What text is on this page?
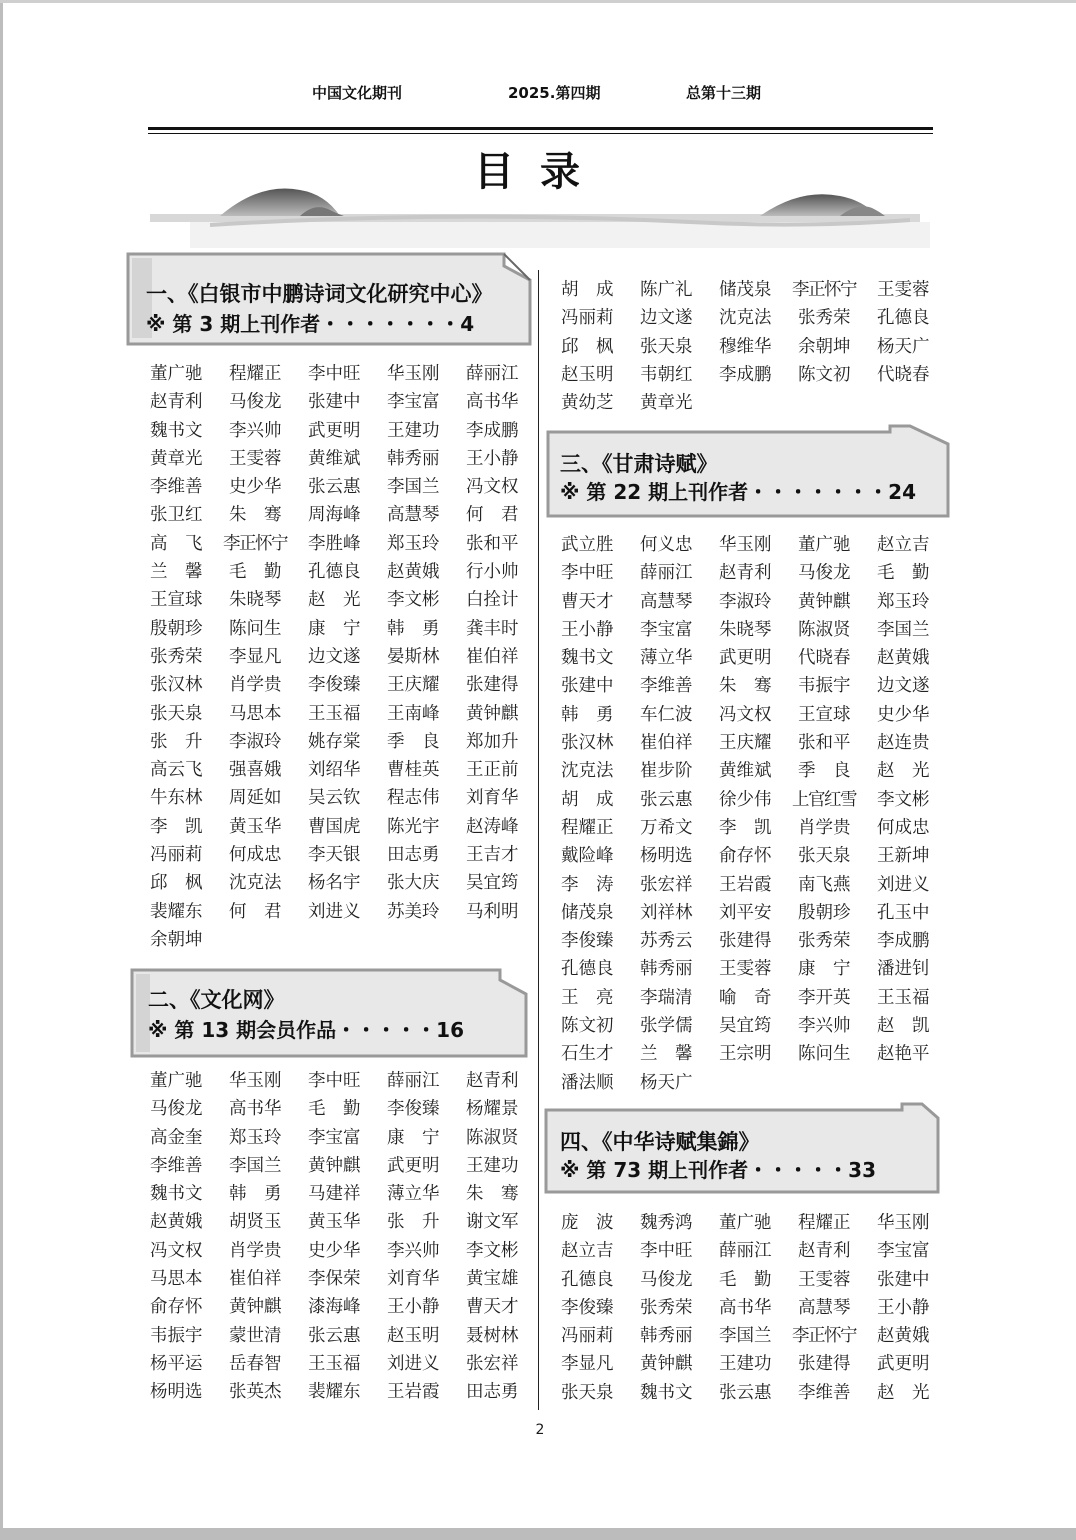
中国文化期刊	2025.第四期	总第十三期
目录
一、《白银市中鹏诗词文化研究中心》
※ 第 3 期上刊作者・・・・・・・4
董广驰	程耀正	李中旺	华玉刚	薛丽江
赵青利	马俊龙	张建中	李宝富	高书华
魏书文	李兴帅	武更明	王建功	李成鹏
黄章光	王雯蓉	黄维斌	韩秀丽	王小静
李维善	史少华	张云惠	李国兰	冯文权
张卫红	朱　骞	周海峰	高慧琴	何　君
高　飞	李正怀宁	李胜峰	郑玉玲	张和平
兰　馨	毛　勤	孔德良	赵黄娥	行小帅
王宣球	朱晓琴	赵　光	李文彬	白拴计
殷朝珍	陈问生	康　宁	韩　勇	龚丰时
张秀荣	李显凡	边文遂	晏斯林	崔伯祥
张汉林	肖学贵	李俊臻	王庆耀	张建得
张天泉	马思本	王玉福	王南峰	黄钟麒
张　升	李淑玲	姚存棠	季　良	郑加升
高云飞	强喜娥	刘绍华	曹桂英	王正前
牛东林	周延如	吴云钦	程志伟	刘育华
李　凯	黄玉华	曹国虎	陈光宇	赵涛峰
冯丽莉	何成忠	李天银	田志勇	王吉才
邱　枫	沈克法	杨名宇	张大庆	吴宜筠
裴耀东	何　君	刘进义	苏美玲	马利明
余朝坤
二、《文化网》
※ 第 13 期会员作品・・・・・16
董广驰	华玉刚	李中旺	薛丽江	赵青利
马俊龙	高书华	毛　勤	李俊臻	杨耀景
高金奎	郑玉玲	李宝富	康　宁	陈淑贤
李维善	李国兰	黄钟麒	武更明	王建功
魏书文	韩　勇	马建祥	薄立华	朱　骞
赵黄娥	胡贤玉	黄玉华	张　升	谢文军
冯文权	肖学贵	史少华	李兴帅	李文彬
马思本	崔伯祥	李保荣	刘育华	黄宝雄
俞存怀	黄钟麒	漆海峰	王小静	曹天才
韦振宇	蒙世清	张云惠	赵玉明	聂树林
杨平运	岳春智	王玉福	刘进义	张宏祥
杨明选	张英杰	裴耀东	王岩霞	田志勇
胡　成	陈广礼	储茂泉	李正怀宁	王雯蓉
冯丽莉	边文遂	沈克法	张秀荣	孔德良
邱　枫	张天泉	穆维华	余朝坤	杨天广
赵玉明	韦朝红	李成鹏	陈文初	代晓春
黄幼芝	黄章光
三、《甘肃诗赋》
※ 第 22 期上刊作者・・・・・・・24
武立胜	何义忠	华玉刚	董广驰	赵立吉
李中旺	薛丽江	赵青利	马俊龙	毛　勤
曹天才	高慧琴	李淑玲	黄钟麒	郑玉玲
王小静	李宝富	朱晓琴	陈淑贤	李国兰
魏书文	薄立华	武更明	代晓春	赵黄娥
张建中	李维善	朱　骞	韦振宇	边文遂
韩　勇	车仁波	冯文权	王宣球	史少华
张汉林	崔伯祥	王庆耀	张和平	赵连贵
沈克法	崔步阶	黄维斌	季　良	赵　光
胡　成	张云惠	徐少伟	上官红雪	李文彬
程耀正	万希文	李　凯	肖学贵	何成忠
戴险峰	杨明选	俞存怀	张天泉	王新坤
李　涛	张宏祥	王岩霞	南飞燕	刘进义
储茂泉	刘祥林	刘平安	殷朝珍	孔玉中
李俊臻	苏秀云	张建得	张秀荣	李成鹏
孔德良	韩秀丽	王雯蓉	康　宁	潘进钊
王　亮	李瑞清	喻　奇	李开英	王玉福
陈文初	张学儒	吴宜筠	李兴帅	赵　凯
石生才	兰　馨	王宗明	陈问生	赵艳平
潘法顺	杨天广
四、《中华诗赋集錦》
※ 第 73 期上刊作者・・・・・33
庞　波	魏秀鸿	董广驰	程耀正	华玉刚
赵立吉	李中旺	薛丽江	赵青利	李宝富
孔德良	马俊龙	毛　勤	王雯蓉	张建中
李俊臻	张秀荣	高书华	高慧琴	王小静
冯丽莉	韩秀丽	李国兰	李正怀宁	赵黄娥
李显凡	黄钟麒	王建功	张建得	武更明
张天泉	魏书文	张云惠	李维善	赵　光
2
